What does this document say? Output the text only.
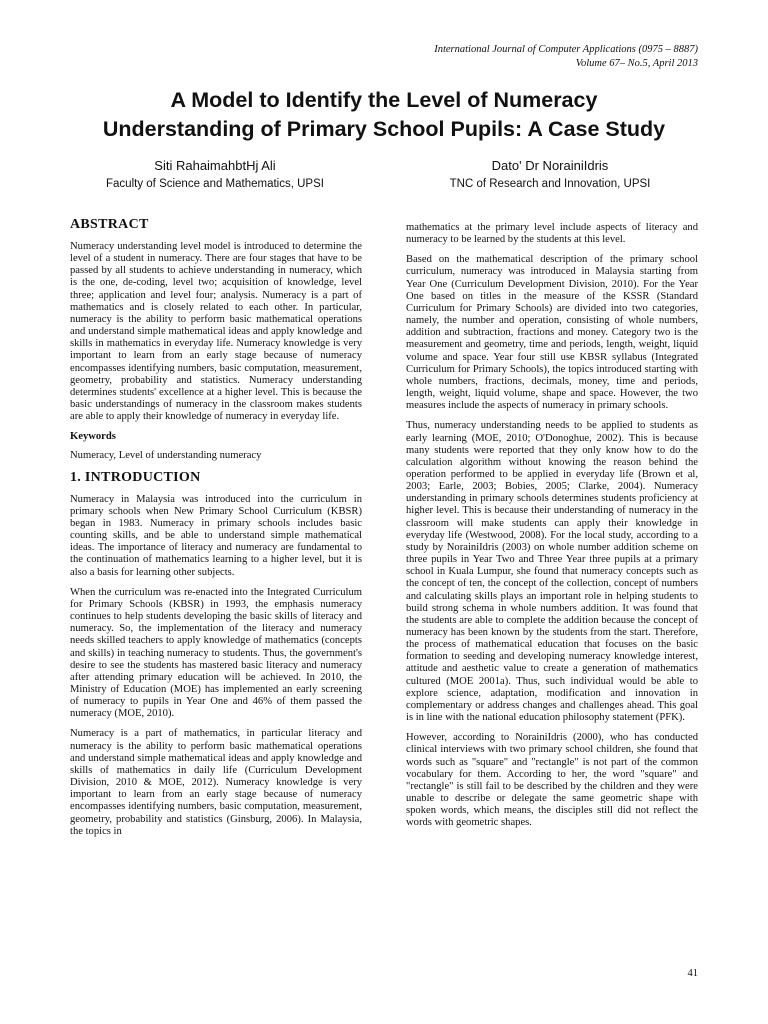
International Journal of Computer Applications (0975 – 8887)
Volume 67– No.5, April 2013
A Model to Identify the Level of Numeracy
Understanding of Primary School Pupils: A Case Study
Siti RahaimahbtHj Ali
Faculty of Science and Mathematics, UPSI
Dato' Dr NorainiIdris
TNC of Research and Innovation, UPSI
ABSTRACT

Numeracy understanding level model is introduced to determine the level of a student in numeracy. There are four stages that have to be passed by all students to achieve understanding in numeracy, which is the one, de-coding, level two; acquisition of knowledge, level three; application and level four; analysis. Numeracy is a part of mathematics and is closely related to each other. In particular, numeracy is the ability to perform basic mathematical operations and understand simple mathematical ideas and apply knowledge and skills in mathematics in everyday life. Numeracy knowledge is very important to learn from an early stage because of numeracy encompasses identifying numbers, basic computation, measurement, geometry, probability and statistics. Numeracy understanding determines students' excellence at a higher level. This is because the basic understandings of numeracy in the classroom makes students are able to apply their knowledge of numeracy in everyday life.

Keywords

Numeracy, Level of understanding numeracy

1. INTRODUCTION

Numeracy in Malaysia was introduced into the curriculum in primary schools when New Primary School Curriculum (KBSR) began in 1983. Numeracy in primary schools includes basic counting skills, and be able to understand simple mathematical ideas. The importance of literacy and numeracy are fundamental to the continuation of mathematics learning to a higher level, but it is also a basis for learning other subjects.

When the curriculum was re-enacted into the Integrated Curriculum for Primary Schools (KBSR) in 1993, the emphasis numeracy continues to help students developing the basic skills of literacy and numeracy. So, the implementation of the literacy and numeracy needs skilled teachers to apply knowledge of mathematics (concepts and skills) in teaching numeracy to students. Thus, the government's desire to see the students has mastered basic literacy and numeracy after attending primary education will be achieved. In 2010, the Ministry of Education (MOE) has implemented an early screening of numeracy to pupils in Year One and 46% of them passed the numeracy (MOE, 2010).

Numeracy is a part of mathematics, in particular literacy and numeracy is the ability to perform basic mathematical operations and understand simple mathematical ideas and apply knowledge and skills of mathematics in daily life (Curriculum Development Division, 2010 & MOE, 2012). Numeracy knowledge is very important to learn from an early stage because of numeracy encompasses identifying numbers, basic computation, measurement, geometry, probability and statistics (Ginsburg, 2006). In Malaysia, the topics in

mathematics at the primary level include aspects of literacy and numeracy to be learned by the students at this level.

Based on the mathematical description of the primary school curriculum, numeracy was introduced in Malaysia starting from Year One (Curriculum Development Division, 2010). For the Year One based on titles in the measure of the KSSR (Standard Curriculum for Primary Schools) are divided into two categories, namely, the number and operation, consisting of whole numbers, addition and subtraction, fractions and money. Category two is the measurement and geometry, time and periods, length, weight, liquid volume and space. Year four still use KBSR syllabus (Integrated Curriculum for Primary Schools), the topics introduced starting with whole numbers, fractions, decimals, money, time and periods, length, weight, liquid volume, shape and space. However, the two measures include the aspects of numeracy in primary schools.

Thus, numeracy understanding needs to be applied to students as early learning (MOE, 2010; O'Donoghue, 2002). This is because many students were reported that they only know how to do the calculation algorithm without knowing the reason behind the operation performed to be applied in everyday life (Brown et al, 2003; Earle, 2003; Bobies, 2005; Clarke, 2004). Numeracy understanding in primary schools determines students proficiency at higher level. This is because their understanding of numeracy in the classroom will make students can apply their knowledge in everyday life (Westwood, 2008). For the local study, according to a study by NorainiIdris (2003) on whole number addition scheme on three pupils in Year Two and Three Year three pupils at a primary school in Kuala Lumpur, she found that numeracy concepts such as the concept of ten, the concept of the collection, concept of numbers and calculating skills plays an important role in helping students to build strong schema in whole numbers addition. It was found that the students are able to complete the addition because the concept of numeracy has been known by the students from the start. Therefore, the process of mathematical education that focuses on the basic formation to seeding and developing numeracy knowledge interest, attitude and aesthetic value to create a generation of mathematics cultured (MOE 2001a). Thus, such individual would be able to explore science, adaptation, modification and innovation in complementary or address changes and challenges ahead. This goal is in line with the national education philosophy statement (PFK).

However, according to NorainiIdris (2000), who has conducted clinical interviews with two primary school children, she found that words such as "square" and "rectangle" is not part of the common vocabulary for them. According to her, the word "square" and "rectangle" is still fail to be described by the children and they were unable to describe or delegate the same geometric shape with spoken words, which means, the disciples still did not reflect the words with geometric shapes.

41
